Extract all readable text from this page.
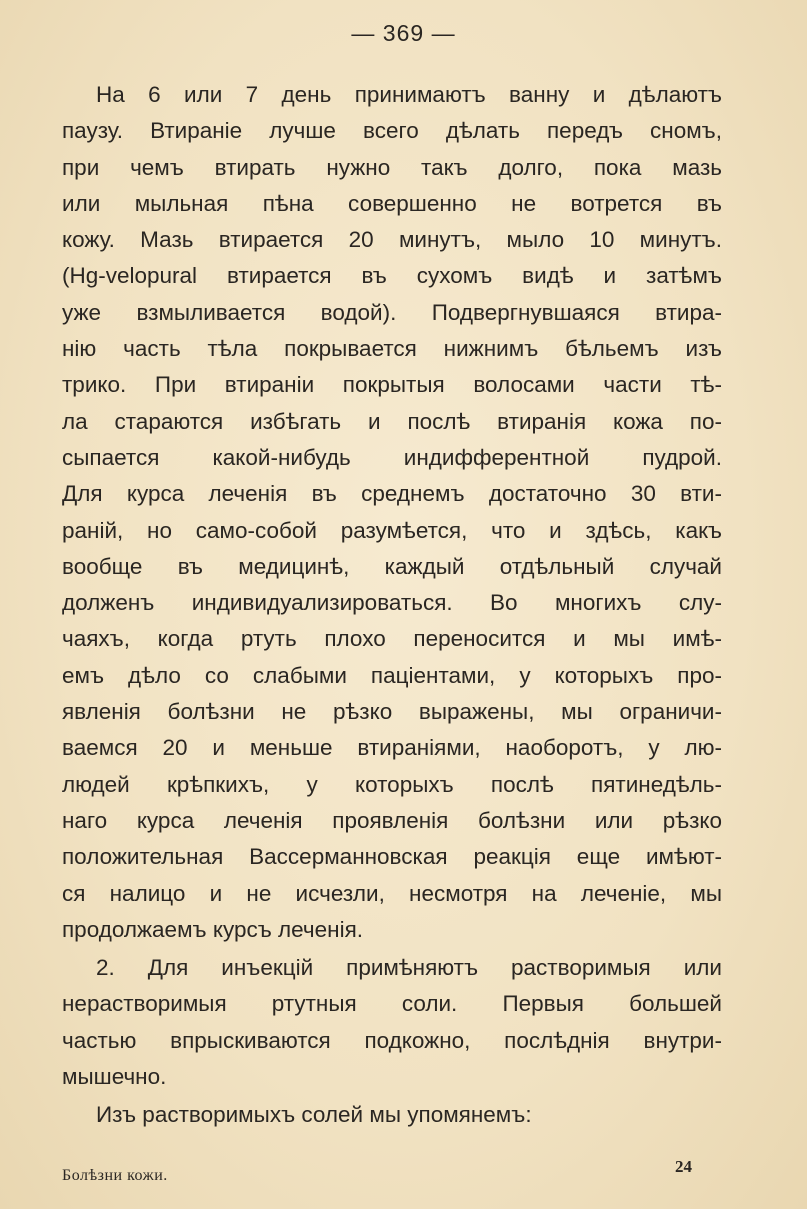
— 369 —
На 6 или 7 день принимаютъ ванну и дѣлаютъ
паузу. Втиранiе лучше всего дѣлать передъ сномъ,
при чемъ втирать нужно такъ долго, пока мазь
или мыльная пѣна совершенно не вотрется въ
кожу. Мазь втирается 20 минутъ, мыло 10 минутъ.
(Hg-velopural втирается въ сухомъ видѣ и затѣмъ
уже взмыливается водой). Подвергнувшаяся втира-
нiю часть тѣла покрывается нижнимъ бѣльемъ изъ
трико. При втиранiи покрытыя волосами части тѣ-
ла стараются избѣгать и послѣ втиранiя кожа по-
сыпается какой-нибудь индифферентной пудрой.
Для курса леченiя въ среднемъ достаточно 30 вти-
ранiй, но само-собой разумѣется, что и здѣсь, какъ
вообще въ медицинѣ, каждый отдѣльный случай
долженъ индивидуализироваться. Во многихъ слу-
чаяхъ, когда ртуть плохо переносится и мы имѣ-
емъ дѣло со слабыми пацiентами, у которыхъ про-
явленiя болѣзни не рѣзко выражены, мы ограничи-
ваемся 20 и меньше втиранiями, наоборотъ, у лю-
людей крѣпкихъ, у которыхъ послѣ пятинедѣль-
наго курса леченiя проявленiя болѣзни или рѣзко
положительная Вассерманновская реакцiя еще имѣют-
ся налицо и не исчезли, несмотря на леченiе, мы
продолжаемъ курсъ леченiя.
2. Для инъекцiй примѣняютъ растворимыя или
нерастворимыя ртутныя соли. Первыя большей
частью впрыскиваются подкожно, послѣднiя внутри-
мышечно.
Изъ растворимыхъ солей мы упомянемъ:
Болѣзни кожи.	24
